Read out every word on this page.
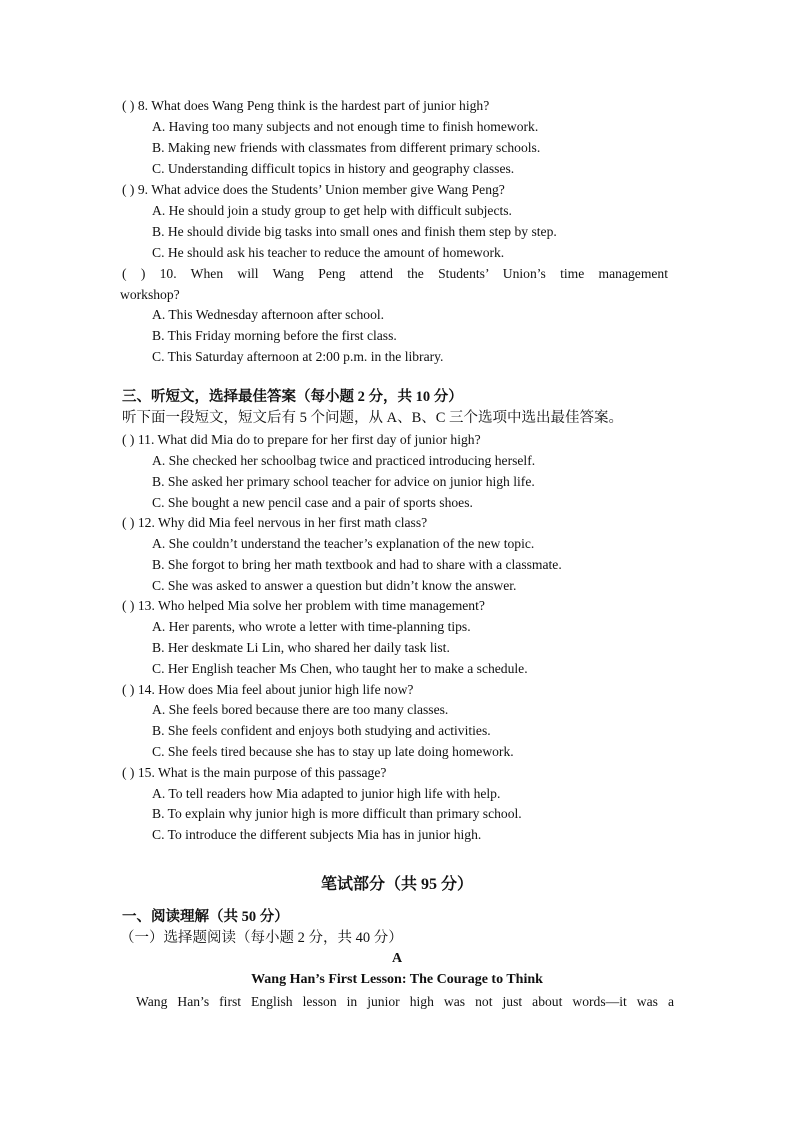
( ) 8. What does Wang Peng think is the hardest part of junior high?
A. Having too many subjects and not enough time to finish homework.
B. Making new friends with classmates from different primary schools.
C. Understanding difficult topics in history and geography classes.
( ) 9. What advice does the Students’ Union member give Wang Peng?
A. He should join a study group to get help with difficult subjects.
B. He should divide big tasks into small ones and finish them step by step.
C. He should ask his teacher to reduce the amount of homework.
( ) 10. When will Wang Peng attend the Students’ Union’s time management
workshop?
A. This Wednesday afternoon after school.
B. This Friday morning before the first class.
C. This Saturday afternoon at 2:00 p.m. in the library.
三、听短文，选择最佳答案（每小题 2 分，共 10 分）
听下面一段短文，短文后有 5 个问题，从 A、B、C 三个选项中选出最佳答案。
( ) 11. What did Mia do to prepare for her first day of junior high?
A. She checked her schoolbag twice and practiced introducing herself.
B. She asked her primary school teacher for advice on junior high life.
C. She bought a new pencil case and a pair of sports shoes.
( ) 12. Why did Mia feel nervous in her first math class?
A. She couldn’t understand the teacher’s explanation of the new topic.
B. She forgot to bring her math textbook and had to share with a classmate.
C. She was asked to answer a question but didn’t know the answer.
( ) 13. Who helped Mia solve her problem with time management?
A. Her parents, who wrote a letter with time-planning tips.
B. Her deskmate Li Lin, who shared her daily task list.
C. Her English teacher Ms Chen, who taught her to make a schedule.
( ) 14. How does Mia feel about junior high life now?
A. She feels bored because there are too many classes.
B. She feels confident and enjoys both studying and activities.
C. She feels tired because she has to stay up late doing homework.
( ) 15. What is the main purpose of this passage?
A. To tell readers how Mia adapted to junior high life with help.
B. To explain why junior high is more difficult than primary school.
C. To introduce the different subjects Mia has in junior high.
笔试部分（共 95 分）
一、阅读理解（共 50 分）
（一）选择题阅读（每小题 2 分，共 40 分）
A
Wang Han’s First Lesson: The Courage to Think
Wang Han’s first English lesson in junior high was not just about words—it was a
